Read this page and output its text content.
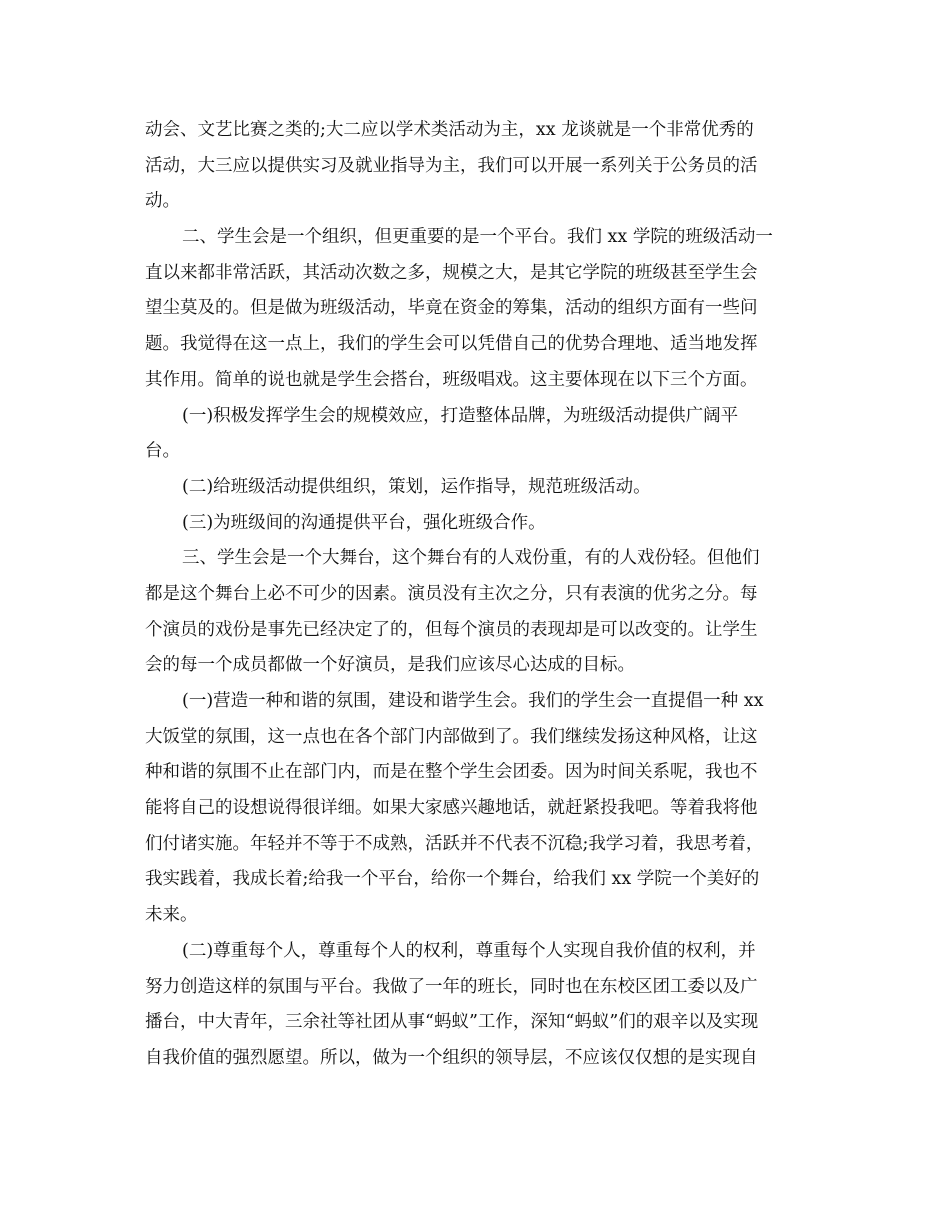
动会、文艺比赛之类的;大二应以学术类活动为主，xx 龙谈就是一个非常优秀的
活动，大三应以提供实习及就业指导为主，我们可以开展一系列关于公务员的活
动。
二、学生会是一个组织，但更重要的是一个平台。我们 xx 学院的班级活动一
直以来都非常活跃，其活动次数之多，规模之大，是其它学院的班级甚至学生会
望尘莫及的。但是做为班级活动，毕竟在资金的筹集，活动的组织方面有一些问
题。我觉得在这一点上，我们的学生会可以凭借自己的优势合理地、适当地发挥
其作用。简单的说也就是学生会搭台，班级唱戏。这主要体现在以下三个方面。
(一)积极发挥学生会的规模效应，打造整体品牌，为班级活动提供广阔平
台。
(二)给班级活动提供组织，策划，运作指导，规范班级活动。
(三)为班级间的沟通提供平台，强化班级合作。
三、学生会是一个大舞台，这个舞台有的人戏份重，有的人戏份轻。但他们
都是这个舞台上必不可少的因素。演员没有主次之分，只有表演的优劣之分。每
个演员的戏份是事先已经决定了的，但每个演员的表现却是可以改变的。让学生
会的每一个成员都做一个好演员，是我们应该尽心达成的目标。
(一)营造一种和谐的氛围，建设和谐学生会。我们的学生会一直提倡一种 xx
大饭堂的氛围，这一点也在各个部门内部做到了。我们继续发扬这种风格，让这
种和谐的氛围不止在部门内，而是在整个学生会团委。因为时间关系呢，我也不
能将自己的设想说得很详细。如果大家感兴趣地话，就赶紧投我吧。等着我将他
们付诸实施。年轻并不等于不成熟，活跃并不代表不沉稳;我学习着，我思考着，
我实践着，我成长着;给我一个平台，给你一个舞台，给我们 xx 学院一个美好的
未来。
(二)尊重每个人，尊重每个人的权利，尊重每个人实现自我价值的权利，并
努力创造这样的氛围与平台。我做了一年的班长，同时也在东校区团工委以及广
播台，中大青年，三余社等社团从事“蚂蚁”工作，深知“蚂蚁”们的艰辛以及实现
自我价值的强烈愿望。所以，做为一个组织的领导层，不应该仅仅想的是实现自
